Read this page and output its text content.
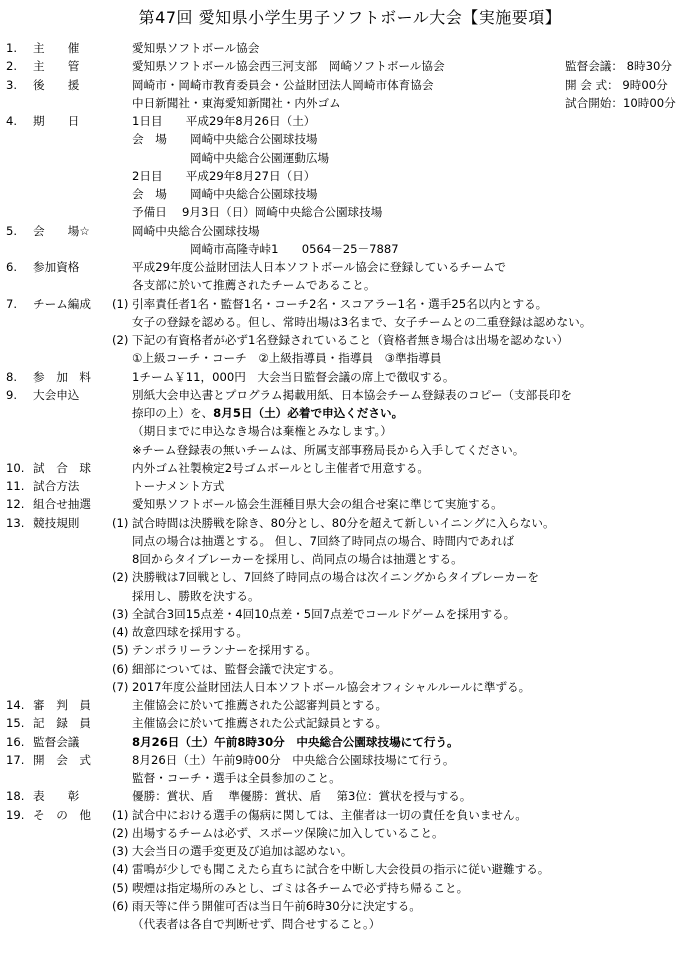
第47回 愛知県小学生男子ソフトボール大会【実施要項】
1. 主　　催	愛知県ソフトボール協会
2. 主　　管	愛知県ソフトボール協会西三河支部　岡崎ソフトボール協会	監督会議： 8時30分
3. 後　　援	岡崎市・岡崎市教育委員会・公益財団法人岡崎市体育協会	開 会 式： 9時00分
中日新聞社・東海愛知新聞社・内外ゴム	試合開始：10時00分
4. 期　　日	1日目　　平成29年8月26日（土）
会　場　　岡崎中央総合公園球技場
　　　　　岡崎中央総合公園運動広場
2日目　　平成29年8月27日（日）
会　場　　岡崎中央総合公園球技場
予備日　 9月3日（日）岡崎中央総合公園球技場
5. 会　　場☆	岡崎中央総合公園球技場
　　　　　岡崎市高隆寺峠1　　0564－25－7887
6. 参加資格	平成29年度公益財団法人日本ソフトボール協会に登録しているチームで
各支部に於いて推薦されたチームであること。
7. チーム編成	(1) 引率責任者1名・監督1名・コーチ2名・スコアラー1名・選手25名以内とする。
女子の登録を認める。但し、常時出場は3名まで、女子チームとの二重登録は認めない。
(2) 下記の有資格者が必ず1名登録されていること（資格者無き場合は出場を認めない）
①上級コーチ・コーチ　②上級指導員・指導員　③準指導員
8. 参　加　料	1チーム￥11，000円　大会当日監督会議の席上で徴収する。
9. 大会申込	別紙大会申込書とプログラム掲載用紙、日本協会チーム登録表のコピー（支部長印を
捺印の上）を、8月5日（土）必着で申込ください。
（期日までに申込なき場合は棄権とみなします。）
※チーム登録表の無いチームは、所属支部事務局長から入手してください。
10. 試　合　球	内外ゴム社製検定2号ゴムボールとし主催者で用意する。
11. 試合方法	トーナメント方式
12. 組合せ抽選	愛知県ソフトボール協会生涯種目県大会の組合せ案に準じて実施する。
13. 競技規則	(1) 試合時間は決勝戦を除き、80分とし、80分を超えて新しいイニングに入らない。
同点の場合は抽選とする。 但し、7回終了時同点の場合、時間内であれば
8回からタイブレーカーを採用し、尚同点の場合は抽選とする。
(2) 決勝戦は7回戦とし、7回終了時同点の場合は次イニングからタイブレーカーを
採用し、勝敗を決する。
(3) 全試合3回15点差・4回10点差・5回7点差でコールドゲームを採用する。
(4) 故意四球を採用する。
(5) テンポラリーランナーを採用する。
(6) 細部については、監督会議で決定する。
(7) 2017年度公益財団法人日本ソフトボール協会オフィシャルルールに準ずる。
14. 審　判　員	主催協会に於いて推薦された公認審判員とする。
15. 記　録　員	主催協会に於いて推薦された公式記録員とする。
16. 監督会議	8月26日（土）午前8時30分　中央総合公園球技場にて行う。
17. 開　会　式	8月26日（土）午前9時00分　中央総合公園球技場にて行う。
監督・コーチ・選手は全員参加のこと。
18. 表　　彰	優勝：賞状、盾　 準優勝：賞状、盾　 第3位：賞状を授与する。
19. そ　の　他	(1) 試合中における選手の傷病に関しては、主催者は一切の責任を負いません。
(2) 出場するチームは必ず、スポーツ保険に加入していること。
(3) 大会当日の選手変更及び追加は認めない。
(4) 雷鳴が少しでも聞こえたら直ちに試合を中断し大会役員の指示に従い避難する。
(5) 喫煙は指定場所のみとし、ゴミは各チームで必ず持ち帰ること。
(6) 雨天等に伴う開催可否は当日午前6時30分に決定する。
（代表者は各自で判断せず、問合せすること。）
